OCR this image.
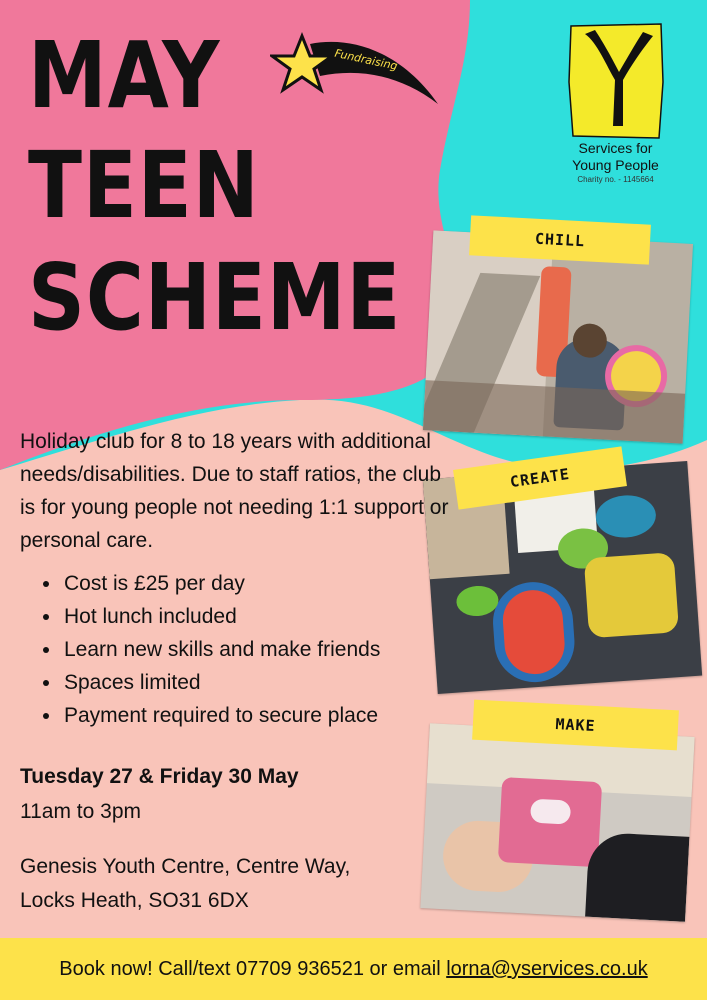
MAY
TEEN
SCHEME
Fundraising
Services for
Young People
Charity no. - 1145664
CHILL
CREATE
MAKE
Holiday club for 8 to 18 years with additional needs/disabilities. Due to staff ratios, the club is for young people not needing 1:1 support or personal care.
• Cost is £25 per day
• Hot lunch included
• Learn new skills and make friends
• Spaces limited
• Payment required to secure place
Tuesday 27 & Friday 30 May
11am to 3pm
Genesis Youth Centre, Centre Way,
Locks Heath, SO31 6DX
Book now! Call/text 07709 936521 or email lorna@yservices.co.uk
